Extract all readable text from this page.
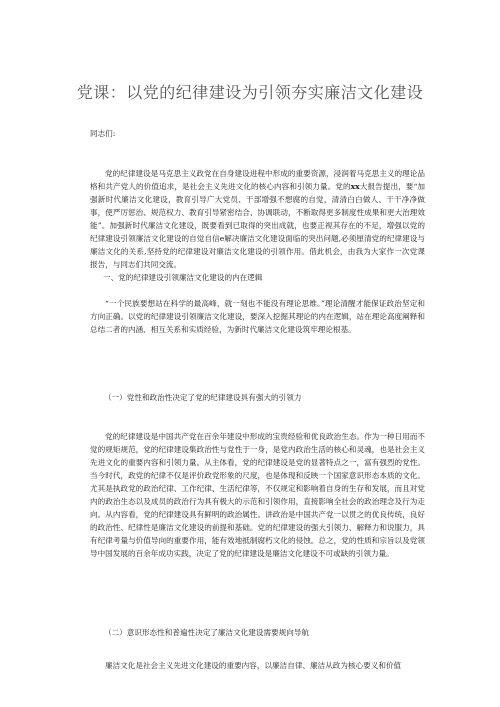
党课：以党的纪律建设为引领夯实廉洁文化建设
同志们:
党的纪律建设是马克思主义政党在自身建设进程中形成的重要资源，浸润着马克思主义的理论品格和共产党人的价值追求，是社会主义先进文化的核心内容和引领力量。党的xx大报告提出，要“加强新时代廉洁文化建设，教育引导广大党员、干部增强不想腐的自觉，清清白白做人、干干净净做事，使严厉惩治、规范权力、教育引导紧密结合、协调联动，不断取得更多制度性成果和更大治理效能”。加强新时代廉洁文化建设，既要看到已取得的突出成就，也要正视其存在的不足，增强以党的纪律建设引领廉洁文化建设的自觉自信e解决廉洁文化建设面临的突出问题,必须厘清党的纪律建设与廉洁文化的关系,坚持党的纪律建设对廉洁文化建设的引领作用。借此机会，由我为大家作一次党课报告，与同志们共同交流。
一、党的纪律建设引领廉洁文化建设的内在逻辑
“一个民族要想站在科学的最高峰，就一刻也不能没有理论思维。”理论清醒才能保证政治坚定和方向正确。以党的纪律建设引领廉洁文化建设，要深入挖掘其理论的内在逻辑，站在理论高度阐释和总结二者的内涵、相互关系和实质经验，为新时代廉洁文化建设筑牢理论根基。
（一）党性和政治性决定了党的纪律建设具有强大的引领力
党的纪律建设是中国共产党在百余年建设中形成的宝贵经验和优良政治生态。作为一种日用而不觉的规矩规范，党的纪律建设集政治性与党性于一身，是党内政治生活的核心和灵魂，也是社会主义先进文化的重要内容和引领力量。从主体看，党的纪律建设是党的显著特点之一，富有强烈的党性。当今时代，政党的纪律不仅是评价政党形象的尺度，也是体现和反映一个国家意识形态本质的文化。尤其是执政党的政治纪律、工作纪律、生活纪律等，不仅规定和影响着自身的生存和发展，而且对党内的政治生态以及成员的政治行为具有极大的示范和引领作用，直接影响全社会的政治理念及行为走向。从内容看，党的纪律建设具有鲜明的政治属性。讲政治是中国共产党一以贯之的优良传统，良好的政治性、纪律性是廉洁文化建设的前提和基础。党的纪律建设的强大引领力、解释力和说服力，具有纪律考量与价值导向的重要作用，能有效地抵制腐朽文化的侵蚀。总之，党的性质和宗旨以及党领导中国发展的百余年成功实践，决定了党的纪律建设是廉洁文化建设不可或缺的引领力量。
（二）意识形态性和普遍性决定了廉洁文化建设需要规向导航
廉洁文化是社会主义先进文化建设的重要内容，以廉洁自律、廉洁从政为核心要义和价值
